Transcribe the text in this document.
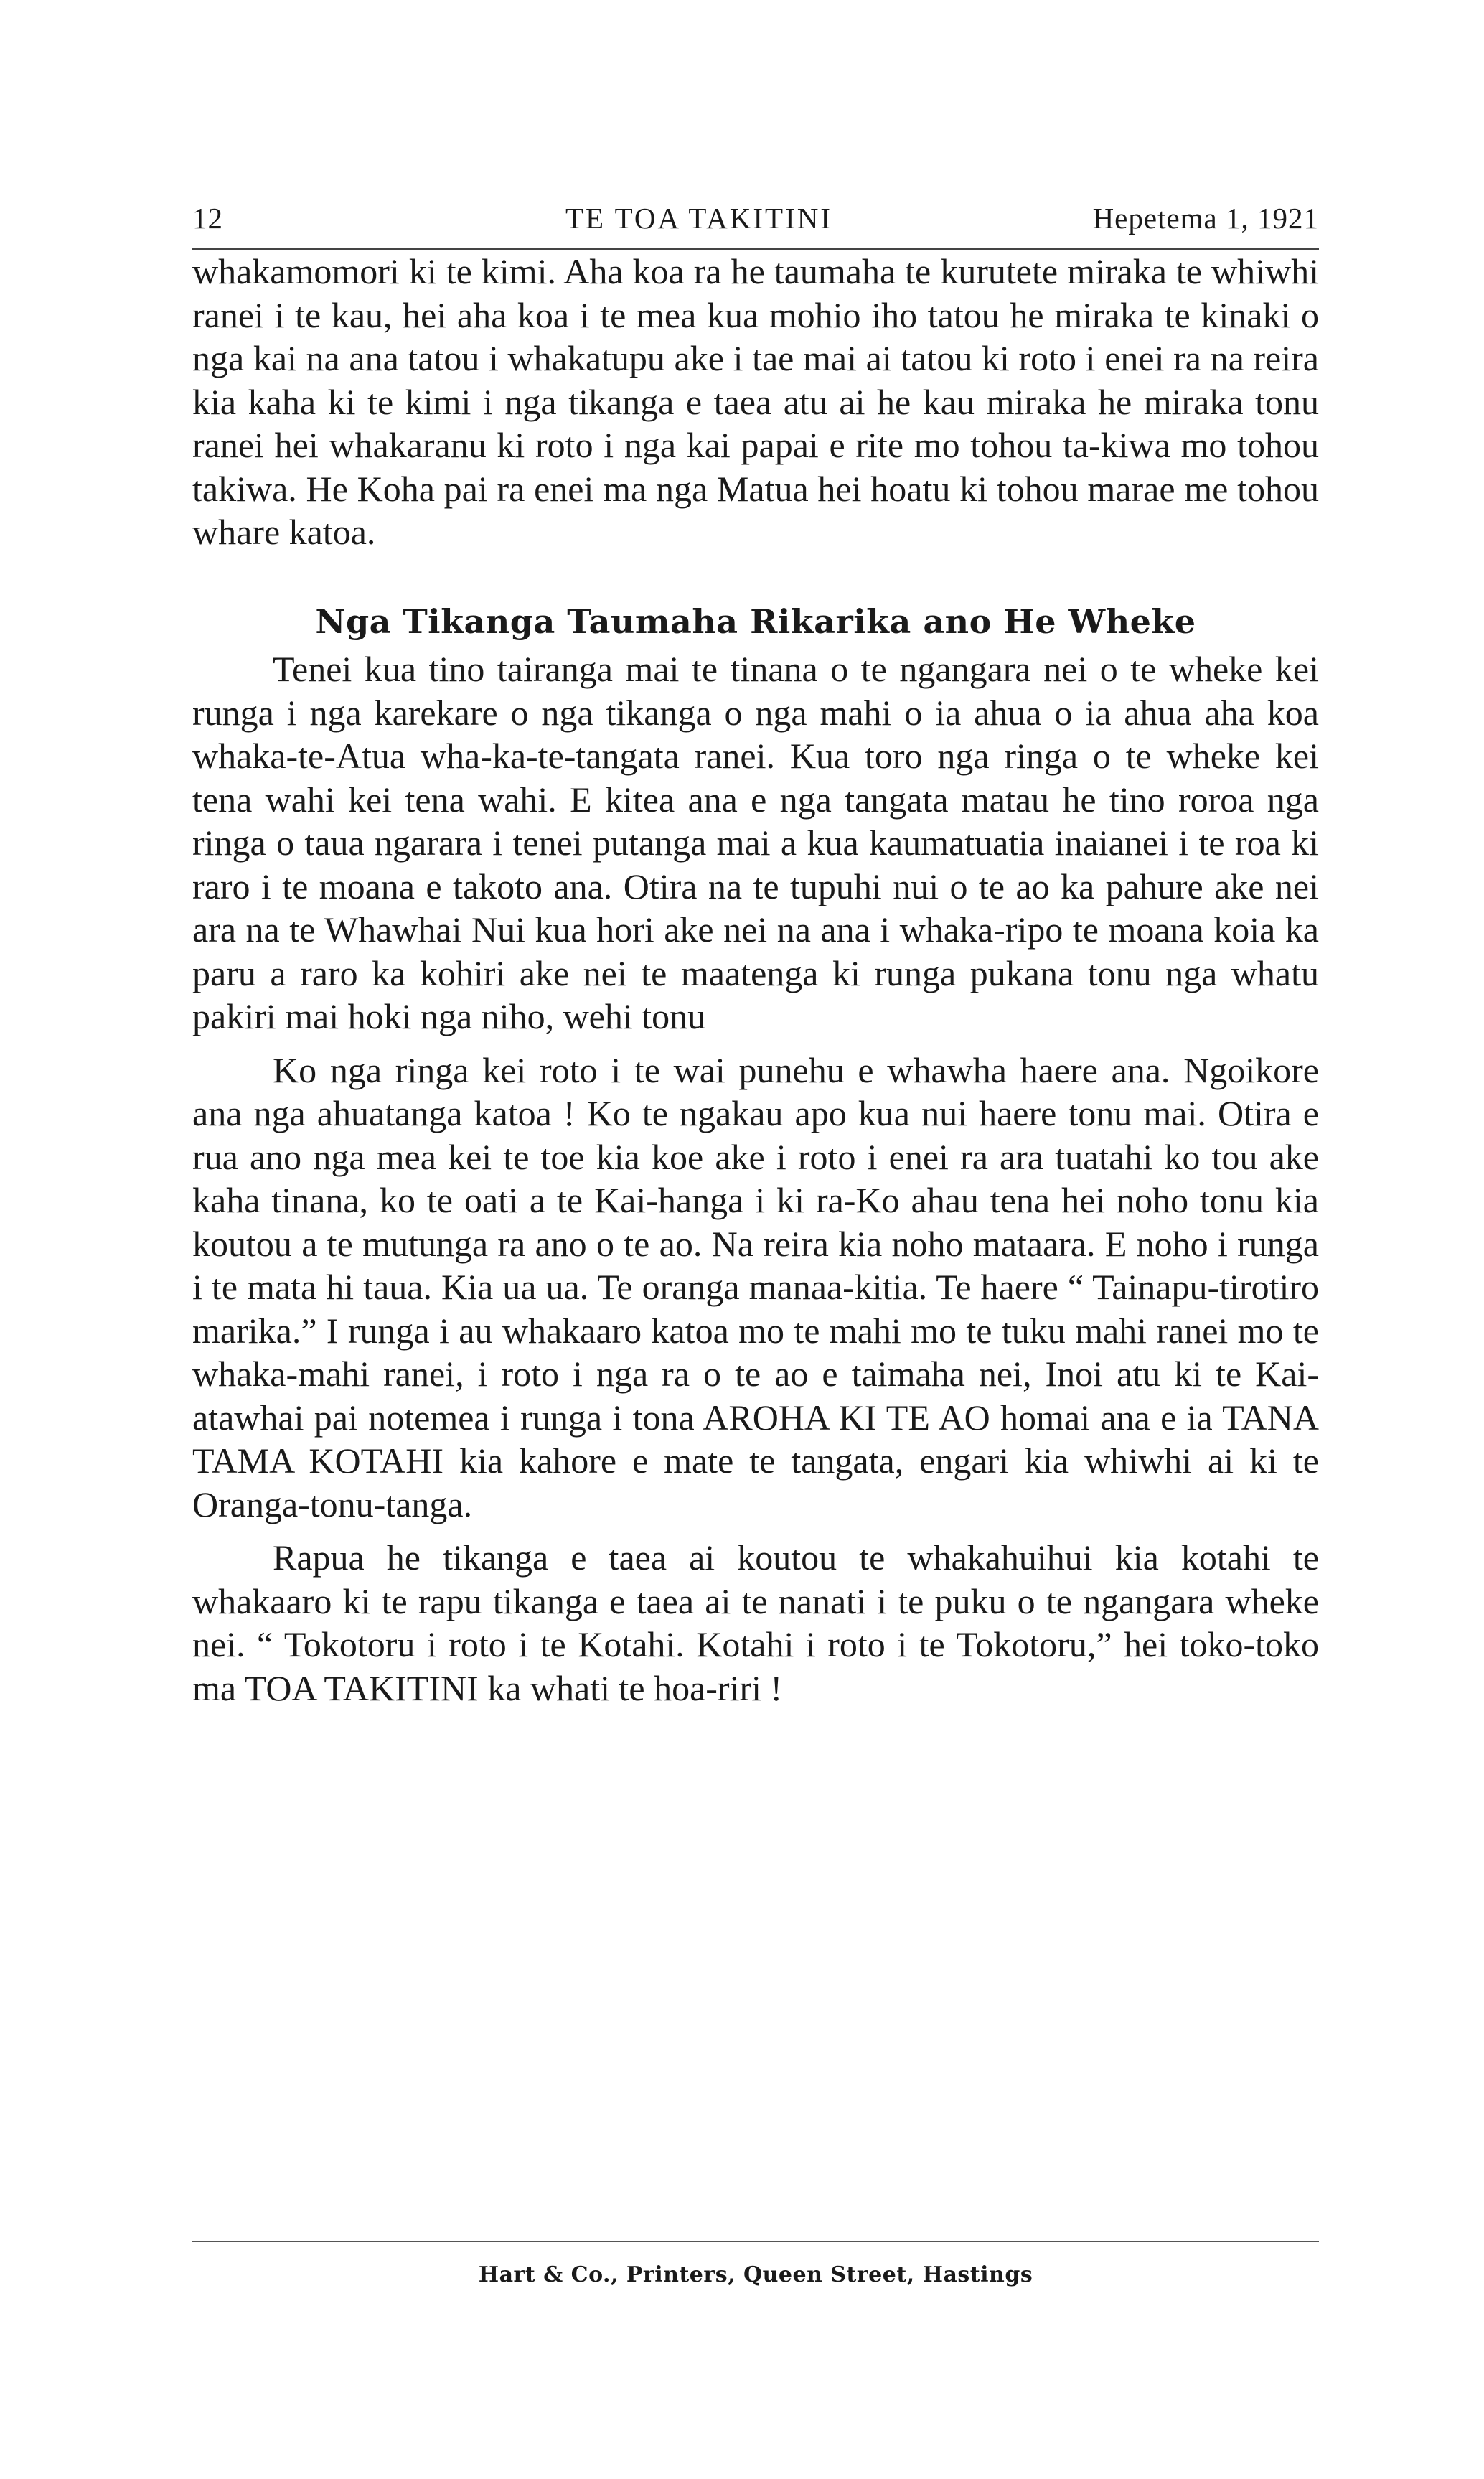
12	TE TOA TAKITINI	Hepetema 1, 1921

whakamomori ki te kimi. Aha koa ra he taumaha te kurutete miraka te whiwhi ranei i te kau, hei aha koa i te mea kua mohio iho tatou he miraka te kinaki o nga kai na ana tatou i whakatupu ake i tae mai ai tatou ki roto i enei ra na reira kia kaha ki te kimi i nga tikanga e taea atu ai he kau miraka he miraka tonu ranei hei whakaranu ki roto i nga kai papai e rite mo tohou ta-kiwa mo tohou takiwa. He Koha pai ra enei ma nga Matua hei hoatu ki tohou marae me tohou whare katoa.

Nga Tikanga Taumaha Rikarika ano He Wheke

Tenei kua tino tairanga mai te tinana o te ngangara nei o te wheke kei runga i nga karekare o nga tikanga o nga mahi o ia ahua o ia ahua aha koa whaka-te-Atua wha-ka-te-tangata ranei. Kua toro nga ringa o te wheke kei tena wahi kei tena wahi. E kitea ana e nga tangata matau he tino roroa nga ringa o taua ngarara i tenei putanga mai a kua kaumatuatia inaianei i te roa ki raro i te moana e takoto ana. Otira na te tupuhi nui o te ao ka pahure ake nei ara na te Whawhai Nui kua hori ake nei na ana i whaka-ripo te moana koia ka paru a raro ka kohiri ake nei te maatenga ki runga pukana tonu nga whatu pakiri mai hoki nga niho, wehi tonu

Ko nga ringa kei roto i te wai punehu e whawha haere ana. Ngoikore ana nga ahuatanga katoa ! Ko te ngakau apo kua nui haere tonu mai. Otira e rua ano nga mea kei te toe kia koe ake i roto i enei ra ara tuatahi ko tou ake kaha tinana, ko te oati a te Kai-hanga i ki ra-Ko ahau tena hei noho tonu kia koutou a te mutunga ra ano o te ao. Na reira kia noho mataara. E noho i runga i te mata hi taua. Kia ua ua. Te oranga manaa-kitia. Te haere “ Tainapu-tirotiro marika.” I runga i au whakaaro katoa mo te mahi mo te tuku mahi ranei mo te whaka-mahi ranei, i roto i nga ra o te ao e taimaha nei, Inoi atu ki te Kai-atawhai pai notemea i runga i tona AROHA KI TE AO homai ana e ia TANA TAMA KOTAHI kia kahore e mate te tangata, engari kia whiwhi ai ki te Oranga-tonu-tanga.

Rapua he tikanga e taea ai koutou te whakahuihui kia kotahi te whakaaro ki te rapu tikanga e taea ai te nanati i te puku o te ngangara wheke nei. “ Tokotoru i roto i te Kotahi. Kotahi i roto i te Tokotoru,” hei toko-toko ma TOA TAKITINI ka whati te hoa-riri !

Hart & Co., Printers, Queen Street, Hastings
